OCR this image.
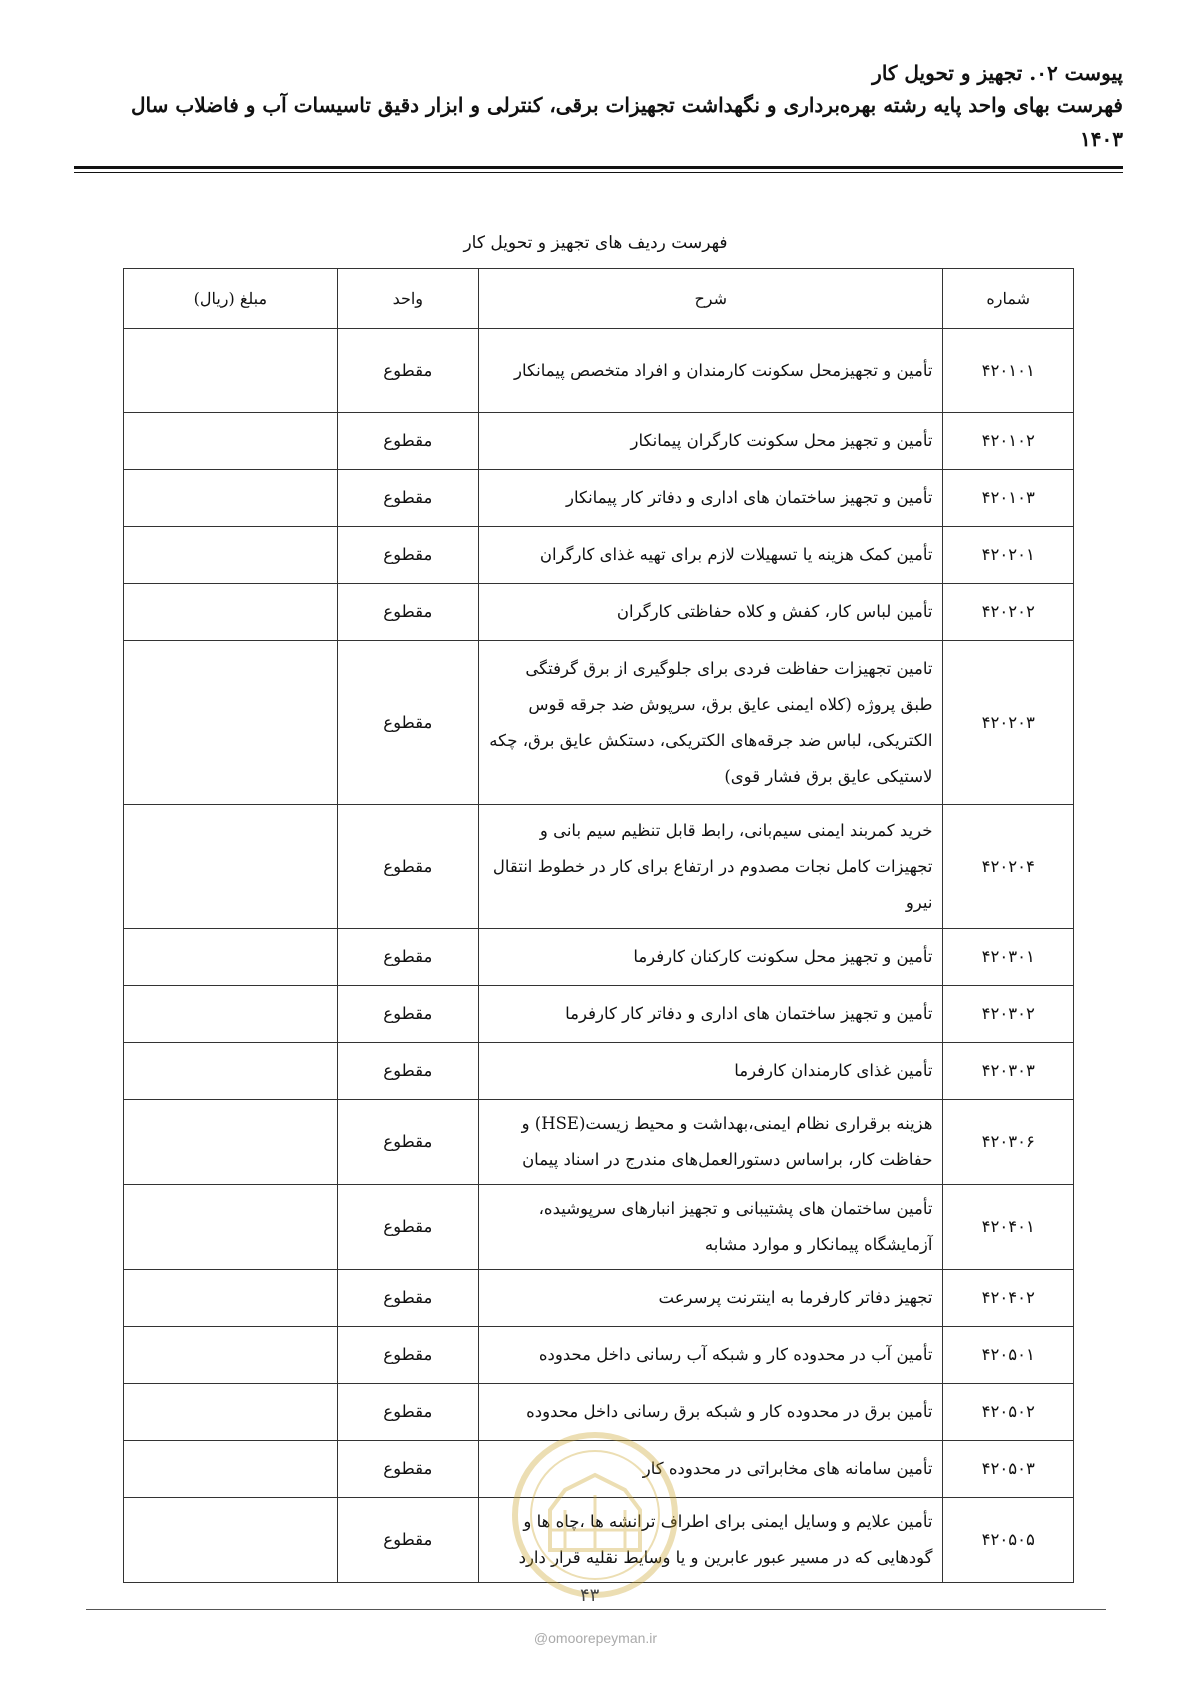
پیوست ۰۲. تجهیز و تحویل کار
فهرست بهای واحد پایه رشته بهره‌برداری و نگهداشت تجهیزات برقی، کنترلی و ابزار دقیق تاسیسات آب و فاضلاب سال
۱۴۰۳
فهرست ردیف های تجهیز و تحویل کار
شماره	شرح	واحد	مبلغ (ریال)
۴۲۰۱۰۱	تأمین و تجهیزمحل سکونت کارمندان و افراد متخصص پیمانکار	مقطوع	
۴۲۰۱۰۲	تأمین و تجهیز محل سکونت کارگران پیمانکار	مقطوع	
۴۲۰۱۰۳	تأمین و تجهیز ساختمان های اداری و دفاتر کار پیمانکار	مقطوع	
۴۲۰۲۰۱	تأمین کمک هزینه یا تسهیلات لازم برای تهیه غذای کارگران	مقطوع	
۴۲۰۲۰۲	تأمین لباس کار، کفش و کلاه حفاظتی کارگران	مقطوع	
۴۲۰۲۰۳	تامین تجهیزات حفاظت فردی برای جلوگیری از برق گرفتگی طبق پروژه (کلاه ایمنی عایق برق، سرپوش ضد جرقه قوس الکتریکی، لباس ضد جرقه‌های الکتریکی، دستکش عایق برق، چکه لاستیکی عایق برق فشار قوی)	مقطوع	
۴۲۰۲۰۴	خرید کمربند ایمنی سیم‌بانی، رابط قابل تنظیم سیم بانی و تجهیزات کامل نجات مصدوم در ارتفاع برای کار در خطوط انتقال نیرو	مقطوع	
۴۲۰۳۰۱	تأمین و تجهیز محل سکونت کارکنان کارفرما	مقطوع	
۴۲۰۳۰۲	تأمین و تجهیز ساختمان های اداری و دفاتر کار کارفرما	مقطوع	
۴۲۰۳۰۳	تأمین غذای کارمندان کارفرما	مقطوع	
۴۲۰۳۰۶	هزینه برقراری نظام ایمنی،بهداشت و محیط زیست(HSE) و حفاظت کار، براساس دستورالعمل‌های مندرج در اسناد پیمان	مقطوع	
۴۲۰۴۰۱	تأمین ساختمان های پشتیبانی و تجهیز انبارهای سرپوشیده، آزمایشگاه پیمانکار و موارد مشابه	مقطوع	
۴۲۰۴۰۲	تجهیز دفاتر کارفرما به اینترنت پرسرعت	مقطوع	
۴۲۰۵۰۱	تأمین آب در محدوده کار و شبکه آب رسانی داخل محدوده	مقطوع	
۴۲۰۵۰۲	تأمین برق در محدوده کار و شبکه برق رسانی داخل محدوده	مقطوع	
۴۲۰۵۰۳	تأمین سامانه های مخابراتی در محدوده کار	مقطوع	
۴۲۰۵۰۵	تأمین علایم و وسایل ایمنی برای اطراف ترانشه ها ،چاه ها و گودهایی که در مسیر عبور عابرین و یا وسایط نقلیه قرار دارد	مقطوع	
۴۳
@omoorepeyman.ir
